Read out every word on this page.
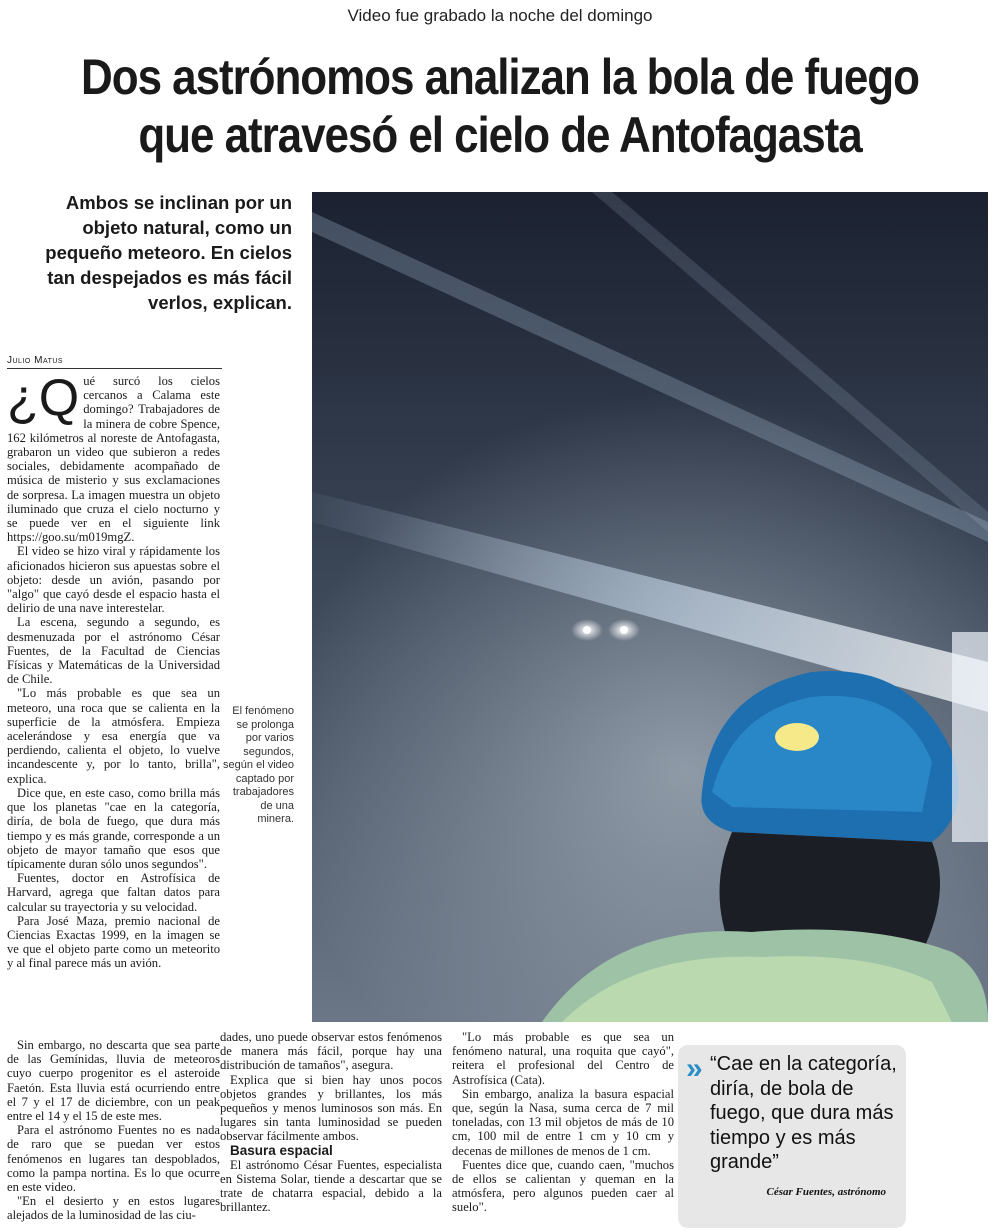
Video fue grabado la noche del domingo
Dos astrónomos analizan la bola de fuego
que atravesó el cielo de Antofagasta
Ambos se inclinan por un objeto natural, como un pequeño meteoro. En cielos tan despejados es más fácil verlos, explican.
Julio Matus

¿Q ué surcó los cielos cercanos a Calama este domingo? Trabajadores de la minera de cobre Spence, 162 kilómetros al noreste de Antofagasta, grabaron un video que subieron a redes sociales, debidamente acompañado de música de misterio y sus exclamaciones de sorpresa. La imagen muestra un objeto iluminado que cruza el cielo nocturno y se puede ver en el siguiente link https://goo.su/m019mgZ.

El video se hizo viral y rápidamente los aficionados hicieron sus apuestas sobre el objeto: desde un avión, pasando por "algo" que cayó desde el espacio hasta el delirio de una nave interestelar.

La escena, segundo a segundo, es desmenuzada por el astrónomo César Fuentes, de la Facultad de Ciencias Físicas y Matemáticas de la Universidad de Chile.

"Lo más probable es que sea un meteoro, una roca que se calienta en la superficie de la atmósfera. Empieza acelerándose y esa energía que va perdiendo, calienta el objeto, lo vuelve incandescente y, por lo tanto, brilla", explica.

Dice que, en este caso, como brilla más que los planetas "cae en la categoría, diría, de bola de fuego, que dura más tiempo y es más grande, corresponde a un objeto de mayor tamaño que esos que típicamente duran sólo unos segundos".

Fuentes, doctor en Astrofísica de Harvard, agrega que faltan datos para calcular su trayectoria y su velocidad.

Para José Maza, premio nacional de Ciencias Exactas 1999, en la imagen se ve que el objeto parte como un meteorito y al final parece más un avión.

Sin embargo, no descarta que sea parte de las Gemínidas, lluvia de meteoros cuyo cuerpo progenitor es el asteroide Faetón. Esta lluvia está ocurriendo entre el 7 y el 17 de diciembre, con un peak entre el 14 y el 15 de este mes.

Para el astrónomo Fuentes no es nada de raro que se puedan ver estos fenómenos en lugares tan despoblados, como la pampa nortina. Es lo que ocurre en este video.

"En el desierto y en estos lugares alejados de la luminosidad de las ciu-

dades, uno puede observar estos fenómenos de manera más fácil, porque hay una distribución de tamaños", asegura.

Explica que si bien hay unos pocos objetos grandes y brillantes, los más pequeños y menos luminosos son más. En lugares sin tanta luminosidad se pueden observar fácilmente ambos.

Basura espacial

El astrónomo César Fuentes, especialista en Sistema Solar, tiende a descartar que se trate de chatarra espacial, debido a la brillantez.

"Lo más probable es que sea un fenómeno natural, una roquita que cayó", reitera el profesional del Centro de Astrofísica (Cata).

Sin embargo, analiza la basura espacial que, según la Nasa, suma cerca de 7 mil toneladas, con 13 mil objetos de más de 10 cm, 100 mil de entre 1 cm y 10 cm y decenas de millones de menos de 1 cm.

Fuentes dice que, cuando caen, "muchos de ellos se calientan y queman en la atmósfera, pero algunos pueden caer al suelo".

El fenómeno se prolonga por varios segundos, según el video captado por trabajadores de una minera.
» “Cae en la categoría, diría, de bola de fuego, que dura más tiempo y es más grande”
César Fuentes, astrónomo
